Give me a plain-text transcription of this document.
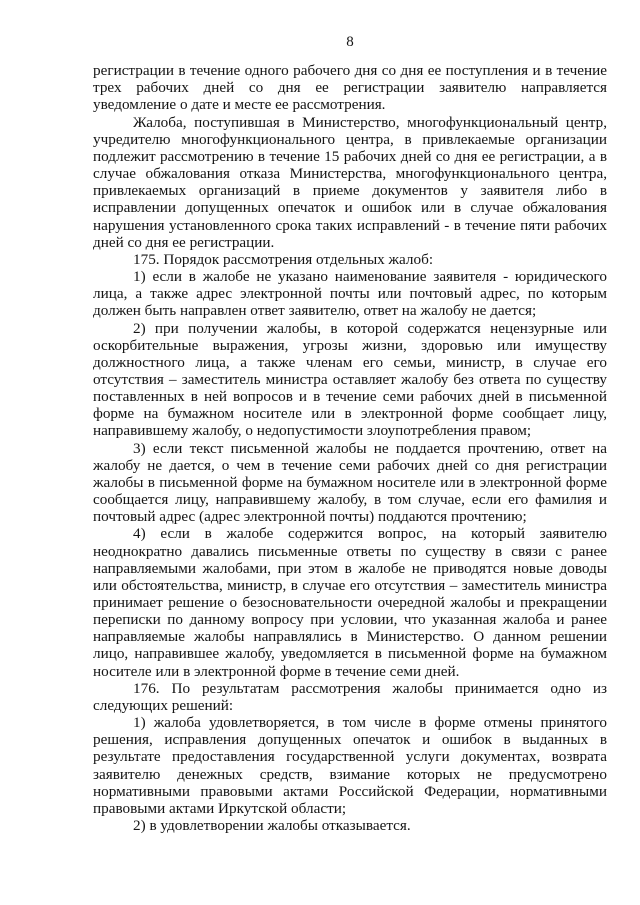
8

регистрации в течение одного рабочего дня со дня ее поступления и в течение трех рабочих дней со дня ее регистрации заявителю направляется уведомление о дате и месте ее рассмотрения.

Жалоба, поступившая в Министерство, многофункциональный центр, учредителю многофункционального центра, в привлекаемые организации подлежит рассмотрению в течение 15 рабочих дней со дня ее регистрации, а в случае обжалования отказа Министерства, многофункционального центра, привлекаемых организаций в приеме документов у заявителя либо в исправлении допущенных опечаток и ошибок или в случае обжалования нарушения установленного срока таких исправлений - в течение пяти рабочих дней со дня ее регистрации.

175. Порядок рассмотрения отдельных жалоб:

1) если в жалобе не указано наименование заявителя - юридического лица, а также адрес электронной почты или почтовый адрес, по которым должен быть направлен ответ заявителю, ответ на жалобу не дается;

2) при получении жалобы, в которой содержатся нецензурные или оскорбительные выражения, угрозы жизни, здоровью или имуществу должностного лица, а также членам его семьи, министр, в случае его отсутствия – заместитель министра оставляет жалобу без ответа по существу поставленных в ней вопросов и в течение семи рабочих дней в письменной форме на бумажном носителе или в электронной форме сообщает лицу, направившему жалобу, о недопустимости злоупотребления правом;

3) если текст письменной жалобы не поддается прочтению, ответ на жалобу не дается, о чем в течение семи рабочих дней со дня регистрации жалобы в письменной форме на бумажном носителе или в электронной форме сообщается лицу, направившему жалобу, в том случае, если его фамилия и почтовый адрес (адрес электронной почты) поддаются прочтению;

4) если в жалобе содержится вопрос, на который заявителю неоднократно давались письменные ответы по существу в связи с ранее направляемыми жалобами, при этом в жалобе не приводятся новые доводы или обстоятельства, министр, в случае его отсутствия – заместитель министра принимает решение о безосновательности очередной жалобы и прекращении переписки по данному вопросу при условии, что указанная жалоба и ранее направляемые жалобы направлялись в Министерство. О данном решении лицо, направившее жалобу, уведомляется в письменной форме на бумажном носителе или в электронной форме в течение семи дней.

176. По результатам рассмотрения жалобы принимается одно из следующих решений:

1) жалоба удовлетворяется, в том числе в форме отмены принятого решения, исправления допущенных опечаток и ошибок в выданных в результате предоставления государственной услуги документах, возврата заявителю денежных средств, взимание которых не предусмотрено нормативными правовыми актами Российской Федерации, нормативными правовыми актами Иркутской области;

2) в удовлетворении жалобы отказывается.
